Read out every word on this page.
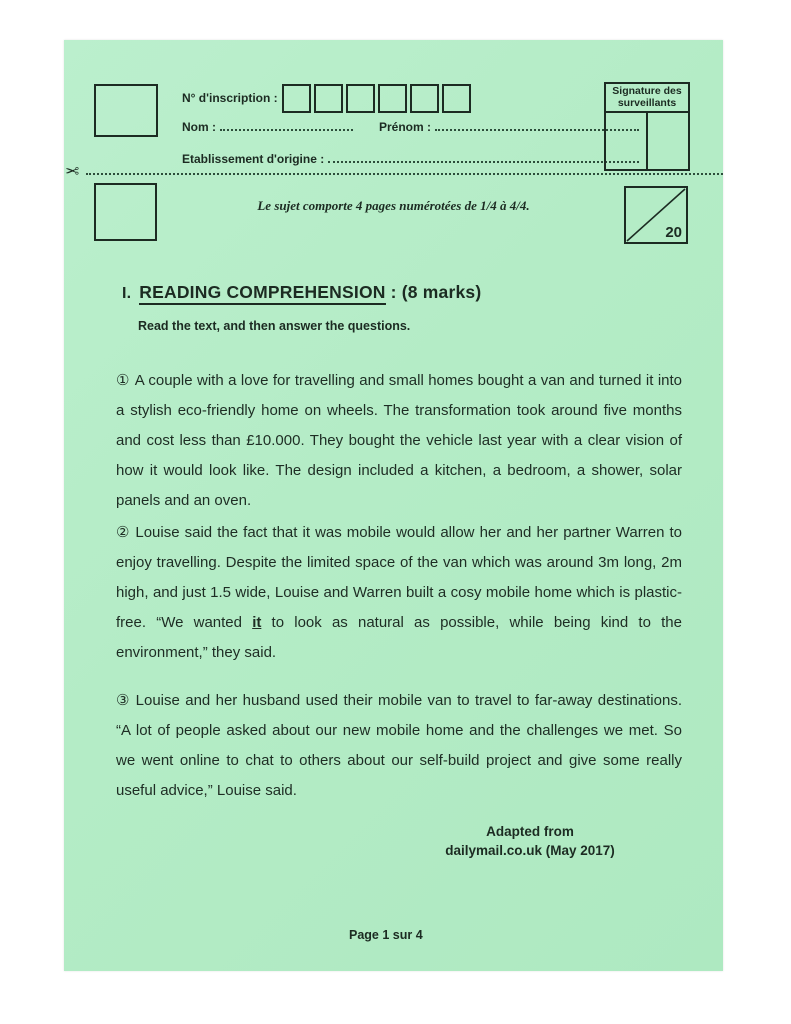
N° d'inscription :
Nom :	Prénom :
Etablissement d'origine :
Signature des surveillants
✂
Le sujet comporte 4 pages numérotées de 1/4 à 4/4.
20
I. READING COMPREHENSION : (8 marks)
Read the text, and then answer the questions.
① A couple with a love for travelling and small homes bought a van and turned it into a stylish eco-friendly home on wheels. The transformation took around five months and cost less than £10.000. They bought the vehicle last year with a clear vision of how it would look like. The design included a kitchen, a bedroom, a shower, solar panels and an oven.
② Louise said the fact that it was mobile would allow her and her partner Warren to enjoy travelling. Despite the limited space of the van which was around 3m long, 2m high, and just 1.5 wide, Louise and Warren built a cosy mobile home which is plastic-free. “We wanted it to look as natural as possible, while being kind to the environment,” they said.
③ Louise and her husband used their mobile van to travel to far-away destinations. “A lot of people asked about our new mobile home and the challenges we met. So we went online to chat to others about our self-build project and give some really useful advice,” Louise said.
Adapted from
dailymail.co.uk (May 2017)
Page 1 sur 4
